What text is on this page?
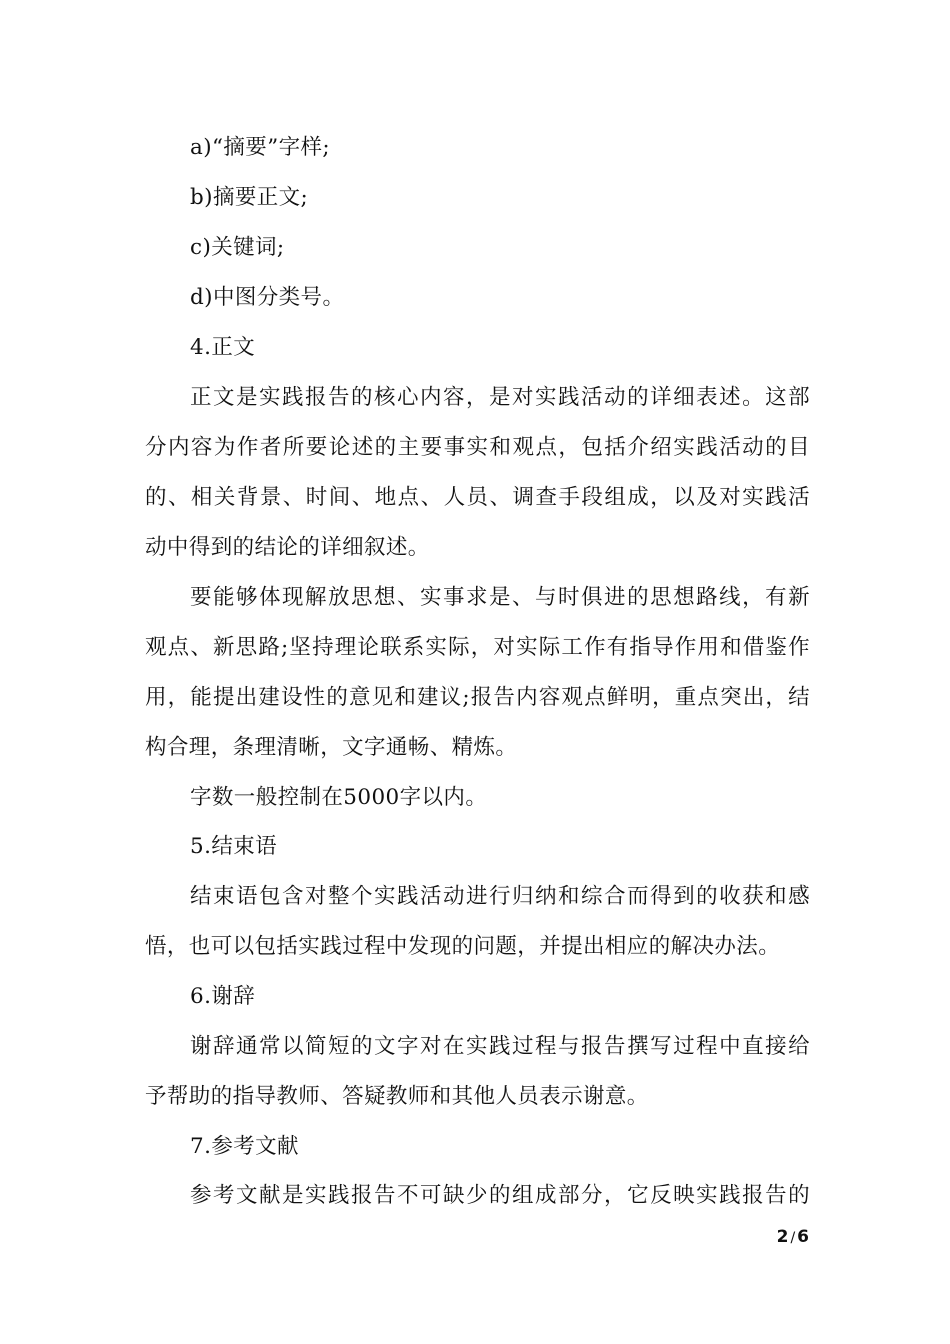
a)“摘要”字样;
b)摘要正文;
c)关键词;
d)中图分类号。
4.正文
正文是实践报告的核心内容，是对实践活动的详细表述。这部
分内容为作者所要论述的主要事实和观点，包括介绍实践活动的目
的、相关背景、时间、地点、人员、调查手段组成，以及对实践活
动中得到的结论的详细叙述。
要能够体现解放思想、实事求是、与时俱进的思想路线，有新
观点、新思路;坚持理论联系实际，对实际工作有指导作用和借鉴作
用，能提出建设性的意见和建议;报告内容观点鲜明，重点突出，结
构合理，条理清晰，文字通畅、精炼。
字数一般控制在5000字以内。
5.结束语
结束语包含对整个实践活动进行归纳和综合而得到的收获和感
悟，也可以包括实践过程中发现的问题，并提出相应的解决办法。
6.谢辞
谢辞通常以简短的文字对在实践过程与报告撰写过程中直接给
予帮助的指导教师、答疑教师和其他人员表示谢意。
7.参考文献
参考文献是实践报告不可缺少的组成部分，它反映实践报告的
2/6
